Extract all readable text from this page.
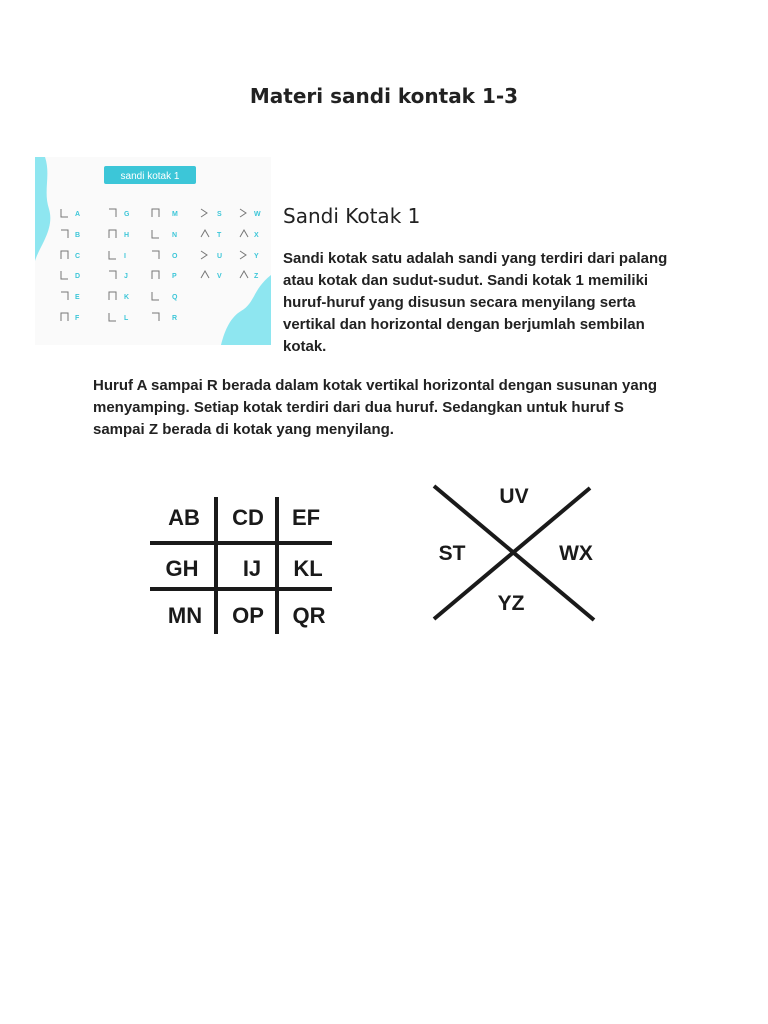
Materi sandi kontak 1-3
sandi kotak 1
A
B
C
D
E
F
G
H
I
J
K
L
M
N
O
P
Q
R
S
T
U
V
W
X
Y
Z
Sandi Kotak 1

Sandi kotak satu adalah sandi yang terdiri dari palang atau kotak dan sudut-sudut. Sandi kotak 1 memiliki huruf-huruf yang disusun secara menyilang serta vertikal dan horizontal dengan berjumlah sembilan kotak.

Huruf A sampai R berada dalam kotak vertikal horizontal dengan susunan yang menyamping. Setiap kotak terdiri dari dua huruf. Sedangkan untuk huruf S sampai Z berada di kotak yang menyilang.

AB CD EF
GH IJ KL
MN OP QR
UV
ST	WX
YZ
